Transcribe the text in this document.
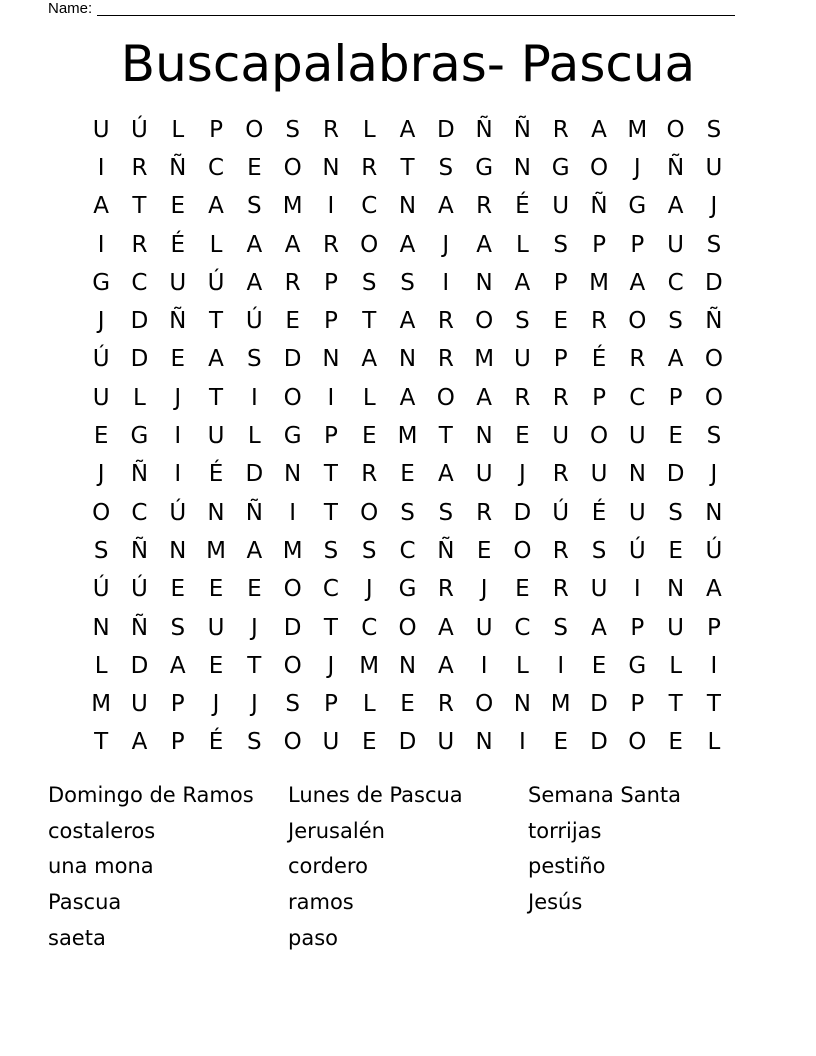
Name:
Buscapalabras- Pascua
U Ú	L	P O S	R	L	A D Ñ Ñ R A M O S
I	R Ñ C	E O N R	T	S G N G O	J	Ñ U
A	T	E	A	S M	I	C N A R	É U Ñ G A	J
I	R	É	L	A A R O A	J	A	L	S	P	P U S
G C U Ú A R	P	S	S	I	N A	P M A C D
J	D Ñ T Ú E	P	T	A R O S	E	R O S Ñ
Ú D E	A	S D N A N R M U P	É	R A O
U	L	J	T	I	O	I	L	A O A R R	P	C	P O
E G	I	U	L G P	E M T N E U O U E	S
J	Ñ	I	É D N T	R	E	A U	J	R U N D	J
O C Ú N Ñ	I	T O S	S	R D Ú É U S N
S Ñ N M A M S	S C Ñ E O R	S Ú E Ú
Ú Ú E	E	E O C	J	G R	J	E	R U	I	N A
N Ñ S U	J	D T	C O A U C S	A	P U P
L	D A	E	T O	J	M N A	I	L	I	E G L	I
M U P	J	J	S	P	L	E	R O N M D P	T	T
T	A	P	É	S O U E D U N	I	E D O E	L
Domingo de Ramos	Lunes de Pascua	Semana Santa
costaleros	Jerusalén	torrijas
una mona	cordero	pestiño
Pascua	ramos	Jesús
saeta	paso
